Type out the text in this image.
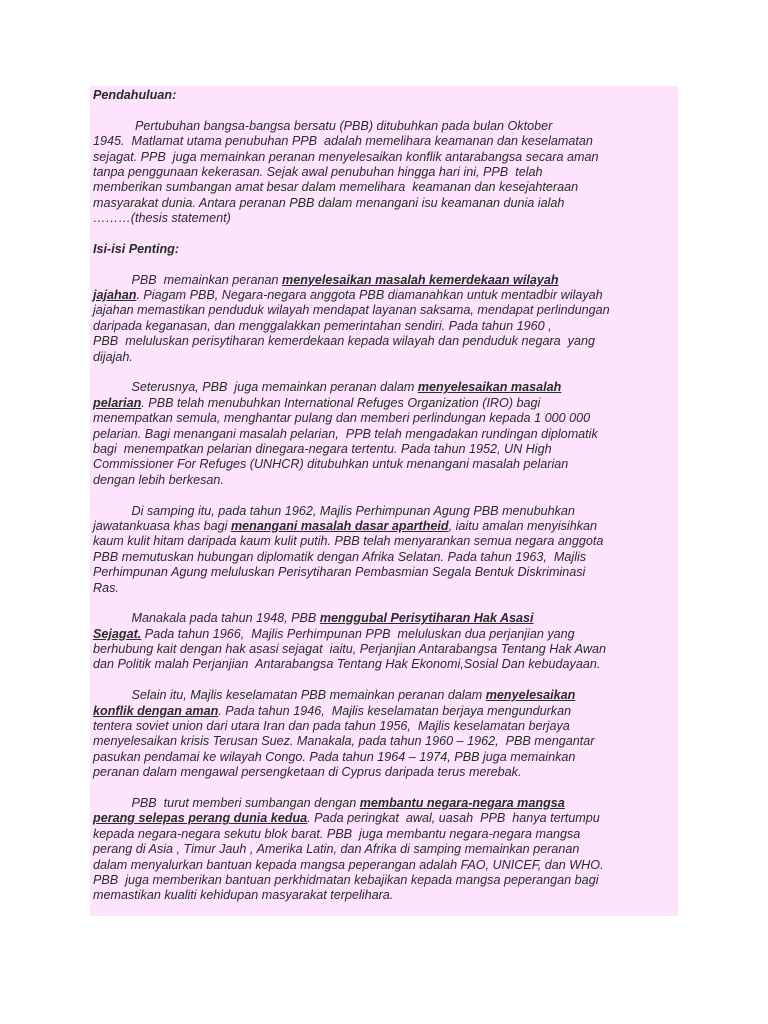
Pendahuluan:
Pertubuhan bangsa-bangsa bersatu (PBB) ditubuhkan pada bulan Oktober
1945.  Matlamat utama penubuhan PPB  adalah memelihara keamanan dan keselamatan
sejagat. PPB  juga memainkan peranan menyelesaikan konflik antarabangsa secara aman
tanpa penggunaan kekerasan. Sejak awal penubuhan hingga hari ini, PPB  telah
memberikan sumbangan amat besar dalam memelihara  keamanan dan kesejahteraan
masyarakat dunia. Antara peranan PBB dalam menangani isu keamanan dunia ialah
………(thesis statement)
Isi-isi Penting:
PBB  memainkan peranan menyelesaikan masalah kemerdekaan wilayah
jajahan. Piagam PBB, Negara-negara anggota PBB diamanahkan untuk mentadbir wilayah
jajahan memastikan penduduk wilayah mendapat layanan saksama, mendapat perlindungan
daripada keganasan, dan menggalakkan pemerintahan sendiri. Pada tahun 1960 ,
PBB  meluluskan perisytiharan kemerdekaan kepada wilayah dan penduduk negara  yang
dijajah.
Seterusnya, PBB  juga memainkan peranan dalam menyelesaikan masalah
pelarian. PBB telah menubuhkan International Refuges Organization (IRO) bagi
menempatkan semula, menghantar pulang dan memberi perlindungan kepada 1 000 000
pelarian. Bagi menangani masalah pelarian,  PPB telah mengadakan rundingan diplomatik
bagi  menempatkan pelarian dinegara-negara tertentu. Pada tahun 1952, UN High
Commissioner For Refuges (UNHCR) ditubuhkan untuk menangani masalah pelarian
dengan lebih berkesan.
Di samping itu, pada tahun 1962, Majlis Perhimpunan Agung PBB menubuhkan
jawatankuasa khas bagi menangani masalah dasar apartheid, iaitu amalan menyisihkan
kaum kulit hitam daripada kaum kulit putih. PBB telah menyarankan semua negara anggota
PBB memutuskan hubungan diplomatik dengan Afrika Selatan. Pada tahun 1963,  Majlis
Perhimpunan Agung meluluskan Perisytiharan Pembasmian Segala Bentuk Diskriminasi
Ras.
Manakala pada tahun 1948, PBB menggubal Perisytiharan Hak Asasi
Sejagat. Pada tahun 1966,  Majlis Perhimpunan PPB  meluluskan dua perjanjian yang
berhubung kait dengan hak asasi sejagat  iaitu, Perjanjian Antarabangsa Tentang Hak Awan
dan Politik malah Perjanjian  Antarabangsa Tentang Hak Ekonomi,Sosial Dan kebudayaan.
Selain itu, Majlis keselamatan PBB memainkan peranan dalam menyelesaikan
konflik dengan aman. Pada tahun 1946,  Majlis keselamatan berjaya mengundurkan
tentera soviet union dari utara Iran dan pada tahun 1956,  Majlis keselamatan berjaya
menyelesaikan krisis Terusan Suez. Manakala, pada tahun 1960 – 1962,  PBB mengantar
pasukan pendamai ke wilayah Congo. Pada tahun 1964 – 1974, PBB juga memainkan
peranan dalam mengawal persengketaan di Cyprus daripada terus merebak.
PBB  turut memberi sumbangan dengan membantu negara-negara mangsa
perang selepas perang dunia kedua. Pada peringkat  awal, uasah  PPB  hanya tertumpu
kepada negara-negara sekutu blok barat. PBB  juga membantu negara-negara mangsa
perang di Asia , Timur Jauh , Amerika Latin, dan Afrika di samping memainkan peranan
dalam menyalurkan bantuan kepada mangsa peperangan adalah FAO, UNICEF, dan WHO.
PBB  juga memberikan bantuan perkhidmatan kebajikan kepada mangsa peperangan bagi
memastikan kualiti kehidupan masyarakat terpelihara.
